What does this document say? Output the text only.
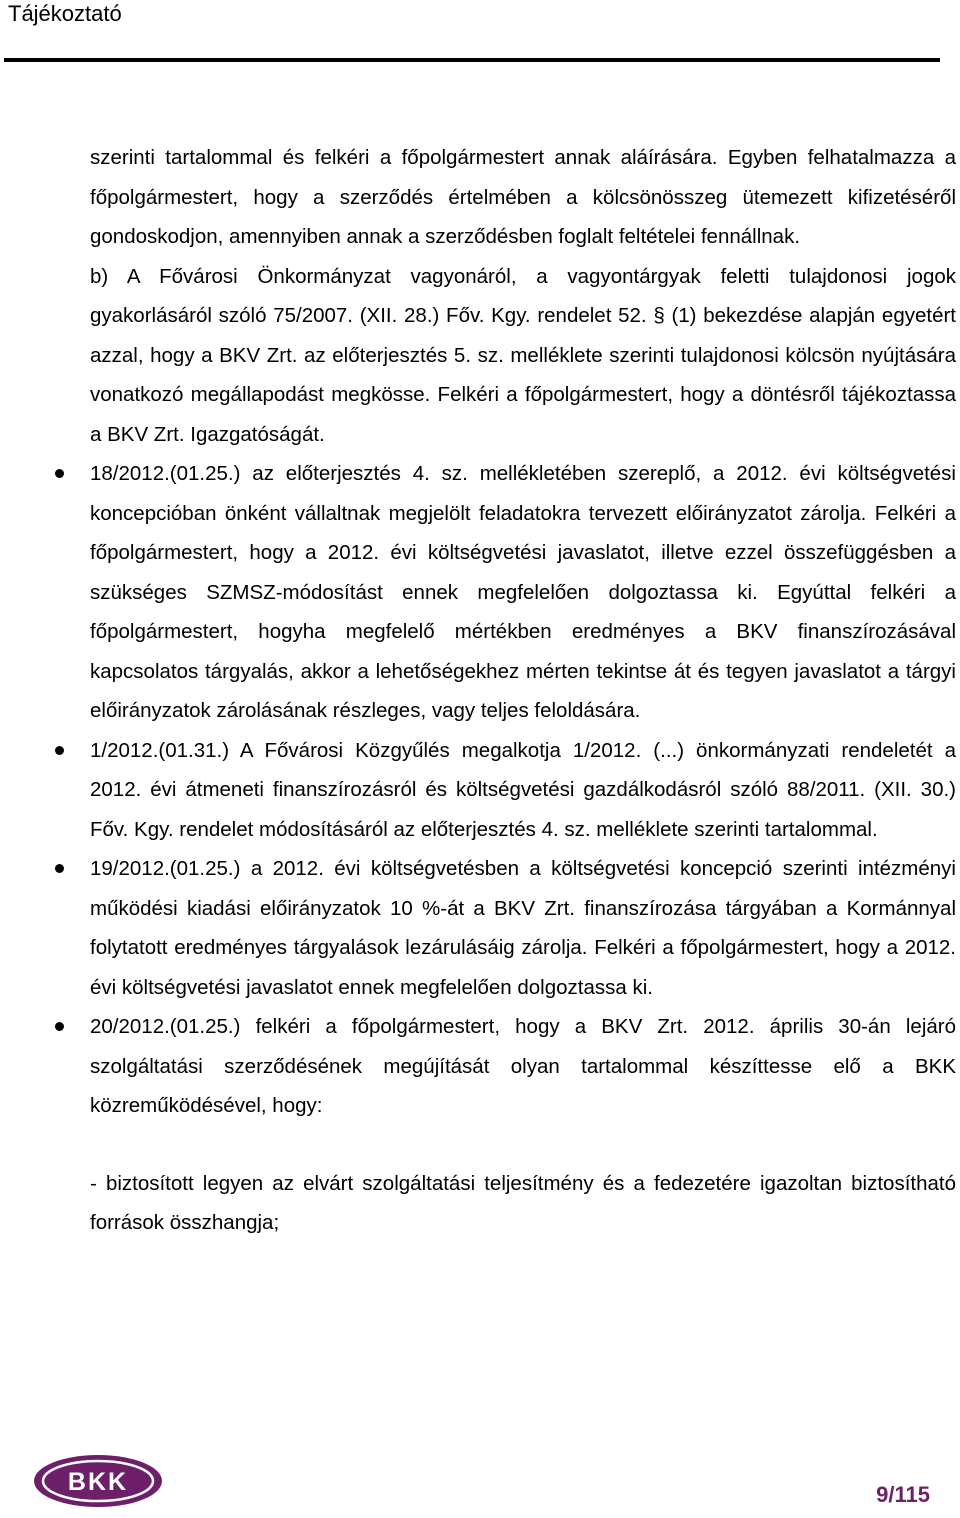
Tájékoztató

szerinti tartalommal és felkéri a főpolgármestert annak aláírására. Egyben felhatalmazza a főpolgármestert, hogy a szerződés értelmében a kölcsönösszeg ütemezett kifizetéséről gondoskodjon, amennyiben annak a szerződésben foglalt feltételei fennállnak.

b) A Fővárosi Önkormányzat vagyonáról, a vagyontárgyak feletti tulajdonosi jogok gyakorlásáról szóló 75/2007. (XII. 28.) Főv. Kgy. rendelet 52. § (1) bekezdése alapján egyetért azzal, hogy a BKV Zrt. az előterjesztés 5. sz. melléklete szerinti tulajdonosi kölcsön nyújtására vonatkozó megállapodást megkösse. Felkéri a főpolgármestert, hogy a döntésről tájékoztassa a BKV Zrt. Igazgatóságát.

18/2012.(01.25.) az előterjesztés 4. sz. mellékletében szereplő, a 2012. évi költségvetési koncepcióban önként vállaltnak megjelölt feladatokra tervezett előirányzatot zárolja. Felkéri a főpolgármestert, hogy a 2012. évi költségvetési javaslatot, illetve ezzel összefüggésben a szükséges SZMSZ-módosítást ennek megfelelően dolgoztassa ki. Egyúttal felkéri a főpolgármestert, hogyha megfelelő mértékben eredményes a BKV finanszírozásával kapcsolatos tárgyalás, akkor a lehetőségekhez mérten tekintse át és tegyen javaslatot a tárgyi előirányzatok zárolásának részleges, vagy teljes feloldására.
1/2012.(01.31.) A Fővárosi Közgyűlés megalkotja 1/2012. (...) önkormányzati rendeletét a 2012. évi átmeneti finanszírozásról és költségvetési gazdálkodásról szóló 88/2011. (XII. 30.) Főv. Kgy. rendelet módosításáról az előterjesztés 4. sz. melléklete szerinti tartalommal.
19/2012.(01.25.) a 2012. évi költségvetésben a költségvetési koncepció szerinti intézményi működési kiadási előirányzatok 10 %-át a BKV Zrt. finanszírozása tárgyában a Kormánnyal folytatott eredményes tárgyalások lezárulásáig zárolja. Felkéri a főpolgármestert, hogy a 2012. évi költségvetési javaslatot ennek megfelelően dolgoztassa ki.
20/2012.(01.25.) felkéri a főpolgármestert, hogy a BKV Zrt. 2012. április 30-án lejáró szolgáltatási szerződésének megújítását olyan tartalommal készíttesse elő a BKK közreműködésével, hogy:

- biztosított legyen az elvárt szolgáltatási teljesítmény és a fedezetére igazoltan biztosítható források összhangja;

BKK	9/115
